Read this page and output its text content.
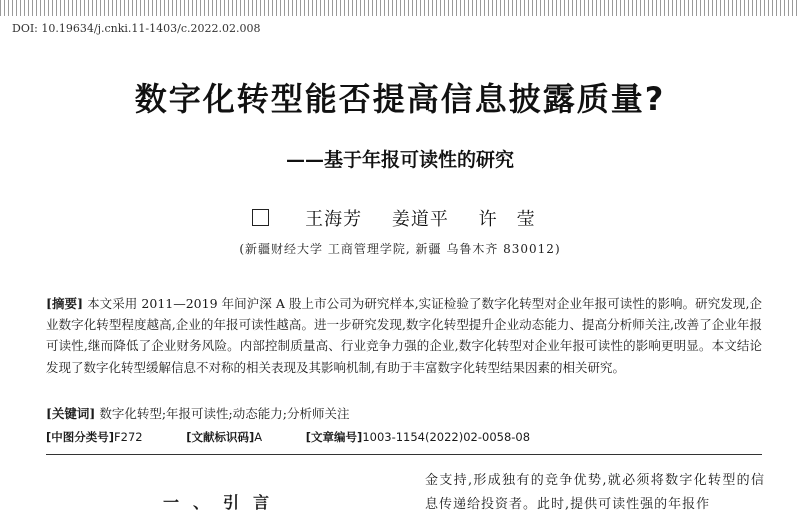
DOI: 10.19634/j.cnki.11-1403/c.2022.02.008
数字化转型能否提高信息披露质量?
——基于年报可读性的研究
王海芳 姜道平 许　莹
(新疆财经大学 工商管理学院, 新疆 乌鲁木齐 830012)
[摘要] 本文采用 2011—2019 年间沪深 A 股上市公司为研究样本,实证检验了数字化转型对企业年报可读性的影响。研究发现,企业数字化转型程度越高,企业的年报可读性越高。进一步研究发现,数字化转型提升企业动态能力、提高分析师关注,改善了企业年报可读性,继而降低了企业财务风险。内部控制质量高、行业竞争力强的企业,数字化转型对企业年报可读性的影响更明显。本文结论发现了数字化转型缓解信息不对称的相关表现及其影响机制,有助于丰富数字化转型结果因素的相关研究。
[关键词] 数字化转型;年报可读性;动态能力;分析师关注
[中图分类号]F272	[文献标识码]A	[文章编号]1003-1154(2022)02-0058-08
一、引言
金支持,形成独有的竞争优势,就必须将数字化转型的信息传递给投资者。此时,提供可读性强的年报作
